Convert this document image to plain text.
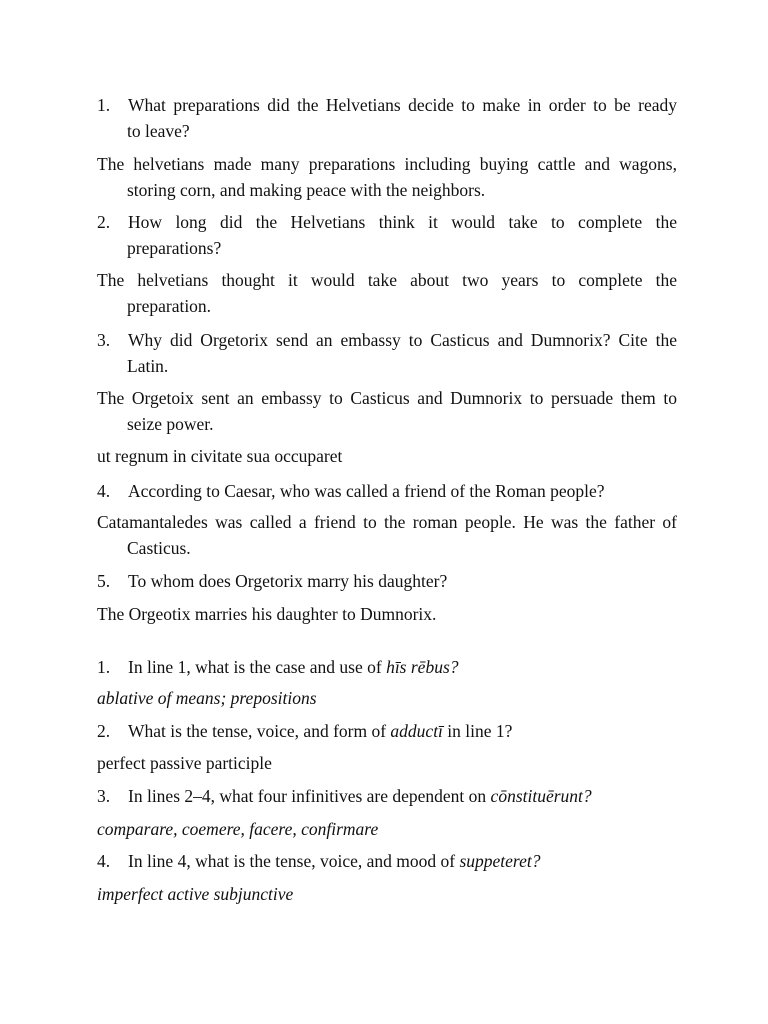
1. What preparations did the Helvetians decide to make in order to be ready
to leave?
The helvetians made many preparations including buying cattle and wagons,
storing corn, and making peace with the neighbors.
2. How long did the Helvetians think it would take to complete the
preparations?
The helvetians thought it would take about two years to complete the
preparation.
3. Why did Orgetorix send an embassy to Casticus and Dumnorix? Cite the
Latin.
The Orgetoix sent an embassy to Casticus and Dumnorix to persuade them to
seize power.
ut regnum in civitate sua occuparet
4. According to Caesar, who was called a friend of the Roman people?
Catamantaledes was called a friend to the roman people. He was the father of
Casticus.
5. To whom does Orgetorix marry his daughter?
The Orgeotix marries his daughter to Dumnorix.
1. In line 1, what is the case and use of hīs rēbus?
ablative of means; prepositions
2. What is the tense, voice, and form of adductī in line 1?
perfect passive participle
3. In lines 2–4, what four infinitives are dependent on cōnstituērunt?
comparare, coemere, facere, confirmare
4. In line 4, what is the tense, voice, and mood of suppeteret?
imperfect active subjunctive
